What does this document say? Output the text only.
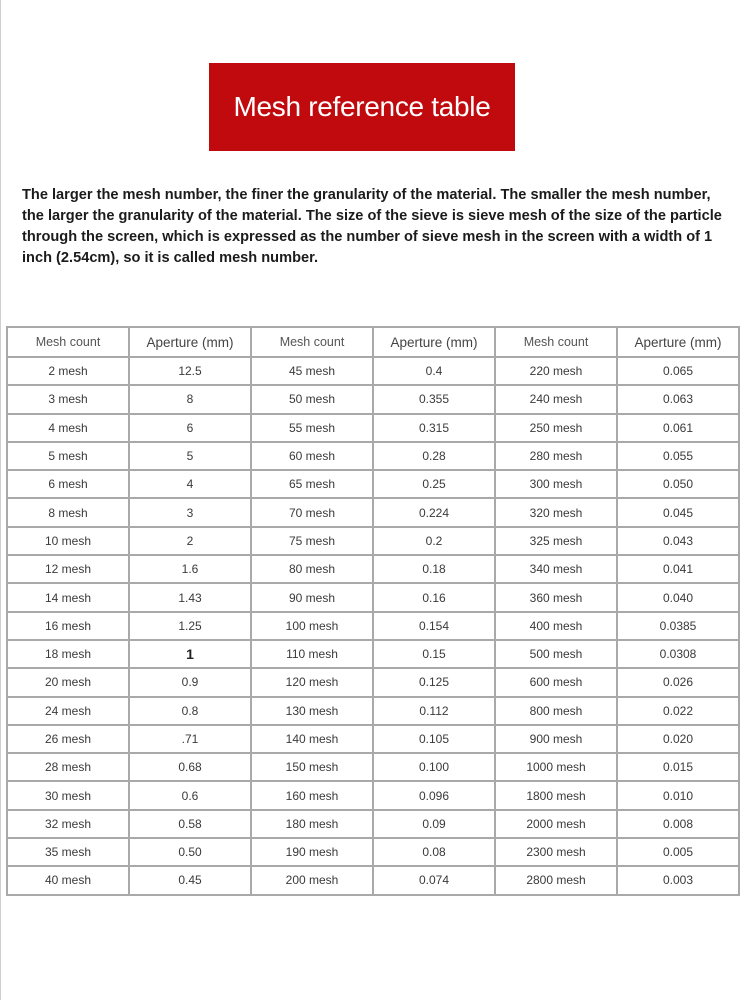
Mesh reference table

The larger the mesh number, the finer the granularity of the material. The smaller the mesh number, the larger the granularity of the material. The size of the sieve is sieve mesh of the size of the particle through the screen, which is expressed as the number of sieve mesh in the screen with a width of 1 inch (2.54cm), so it is called mesh number.

Mesh count	Aperture (mm)	Mesh count	Aperture (mm)	Mesh count	Aperture (mm)
2 mesh	12.5	45 mesh	0.4	220 mesh	0.065
3 mesh	8	50 mesh	0.355	240 mesh	0.063
4 mesh	6	55 mesh	0.315	250 mesh	0.061
5 mesh	5	60 mesh	0.28	280 mesh	0.055
6 mesh	4	65 mesh	0.25	300 mesh	0.050
8 mesh	3	70 mesh	0.224	320 mesh	0.045
10 mesh	2	75 mesh	0.2	325 mesh	0.043
12 mesh	1.6	80 mesh	0.18	340 mesh	0.041
14 mesh	1.43	90 mesh	0.16	360 mesh	0.040
16 mesh	1.25	100 mesh	0.154	400 mesh	0.0385
18 mesh	1	110 mesh	0.15	500 mesh	0.0308
20 mesh	0.9	120 mesh	0.125	600 mesh	0.026
24 mesh	0.8	130 mesh	0.112	800 mesh	0.022
26 mesh	.71	140 mesh	0.105	900 mesh	0.020
28 mesh	0.68	150 mesh	0.100	1000 mesh	0.015
30 mesh	0.6	160 mesh	0.096	1800 mesh	0.010
32 mesh	0.58	180 mesh	0.09	2000 mesh	0.008
35 mesh	0.50	190 mesh	0.08	2300 mesh	0.005
40 mesh	0.45	200 mesh	0.074	2800 mesh	0.003
